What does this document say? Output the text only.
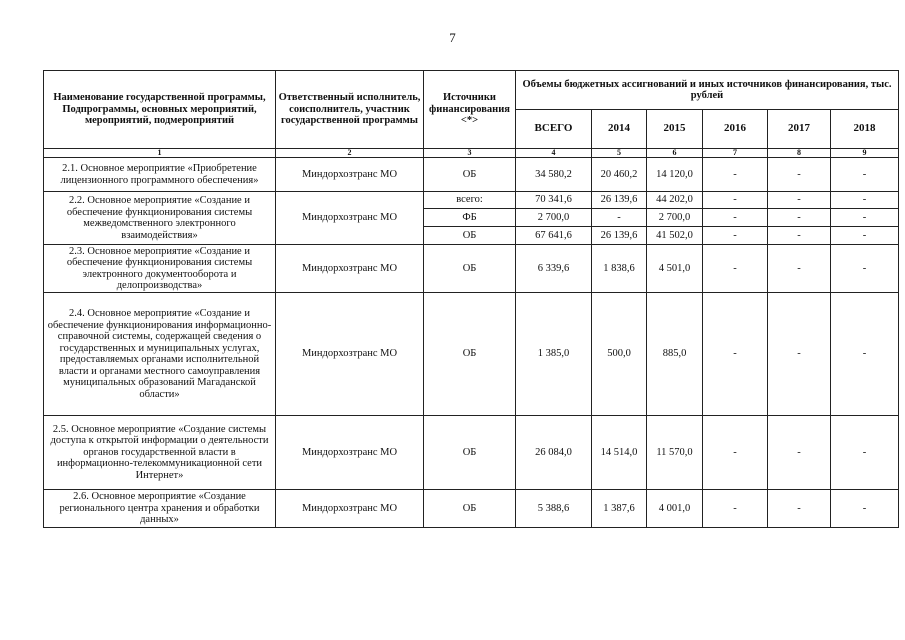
7
Наименование государственной программы, Подпрограммы, основных мероприятий, мероприятий, подмероприятий	Ответственный исполнитель, соисполнитель, участник государственной программы	Источники финансирования <*>	Объемы бюджетных ассигнований и иных источников финансирования, тыс. рублей					
			ВСЕГО	2014	2015	2016	2017	2018
1	2	3	4	5	6	7	8	9
2.1. Основное мероприятие «Приобретение лицензионного программного обеспечения»	Миндорхозтранс МО	ОБ	34 580,2	20 460,2	14 120,0	-	-	-
2.2. Основное мероприятие «Создание и обеспечение функционирования системы межведомственного электронного взаимодействия»	Миндорхозтранс МО	всего:	70 341,6	26 139,6	44 202,0	-	-	-
		ФБ	2 700,0	-	2 700,0	-	-	-
		ОБ	67 641,6	26 139,6	41 502,0	-	-	-
2.3. Основное мероприятие «Создание и обеспечение функционирования системы электронного документооборота и делопроизводства»	Миндорхозтранс МО	ОБ	6 339,6	1 838,6	4 501,0	-	-	-
2.4. Основное мероприятие «Создание и обеспечение функционирования информационно-справочной системы, содержащей сведения о государственных и муниципальных услугах, предоставляемых органами исполнительной власти и органами местного самоуправления муниципальных образований Магаданской области»	Миндорхозтранс МО	ОБ	1 385,0	500,0	885,0	-	-	-
2.5. Основное мероприятие «Создание системы доступа к открытой информации о деятельности органов государственной власти в информационно-телекоммуникационной сети Интернет»	Миндорхозтранс МО	ОБ	26 084,0	14 514,0	11 570,0	-	-	-
2.6. Основное мероприятие «Создание регионального центра хранения и обработки данных»	Миндорхозтранс МО	ОБ	5 388,6	1 387,6	4 001,0	-	-	-
